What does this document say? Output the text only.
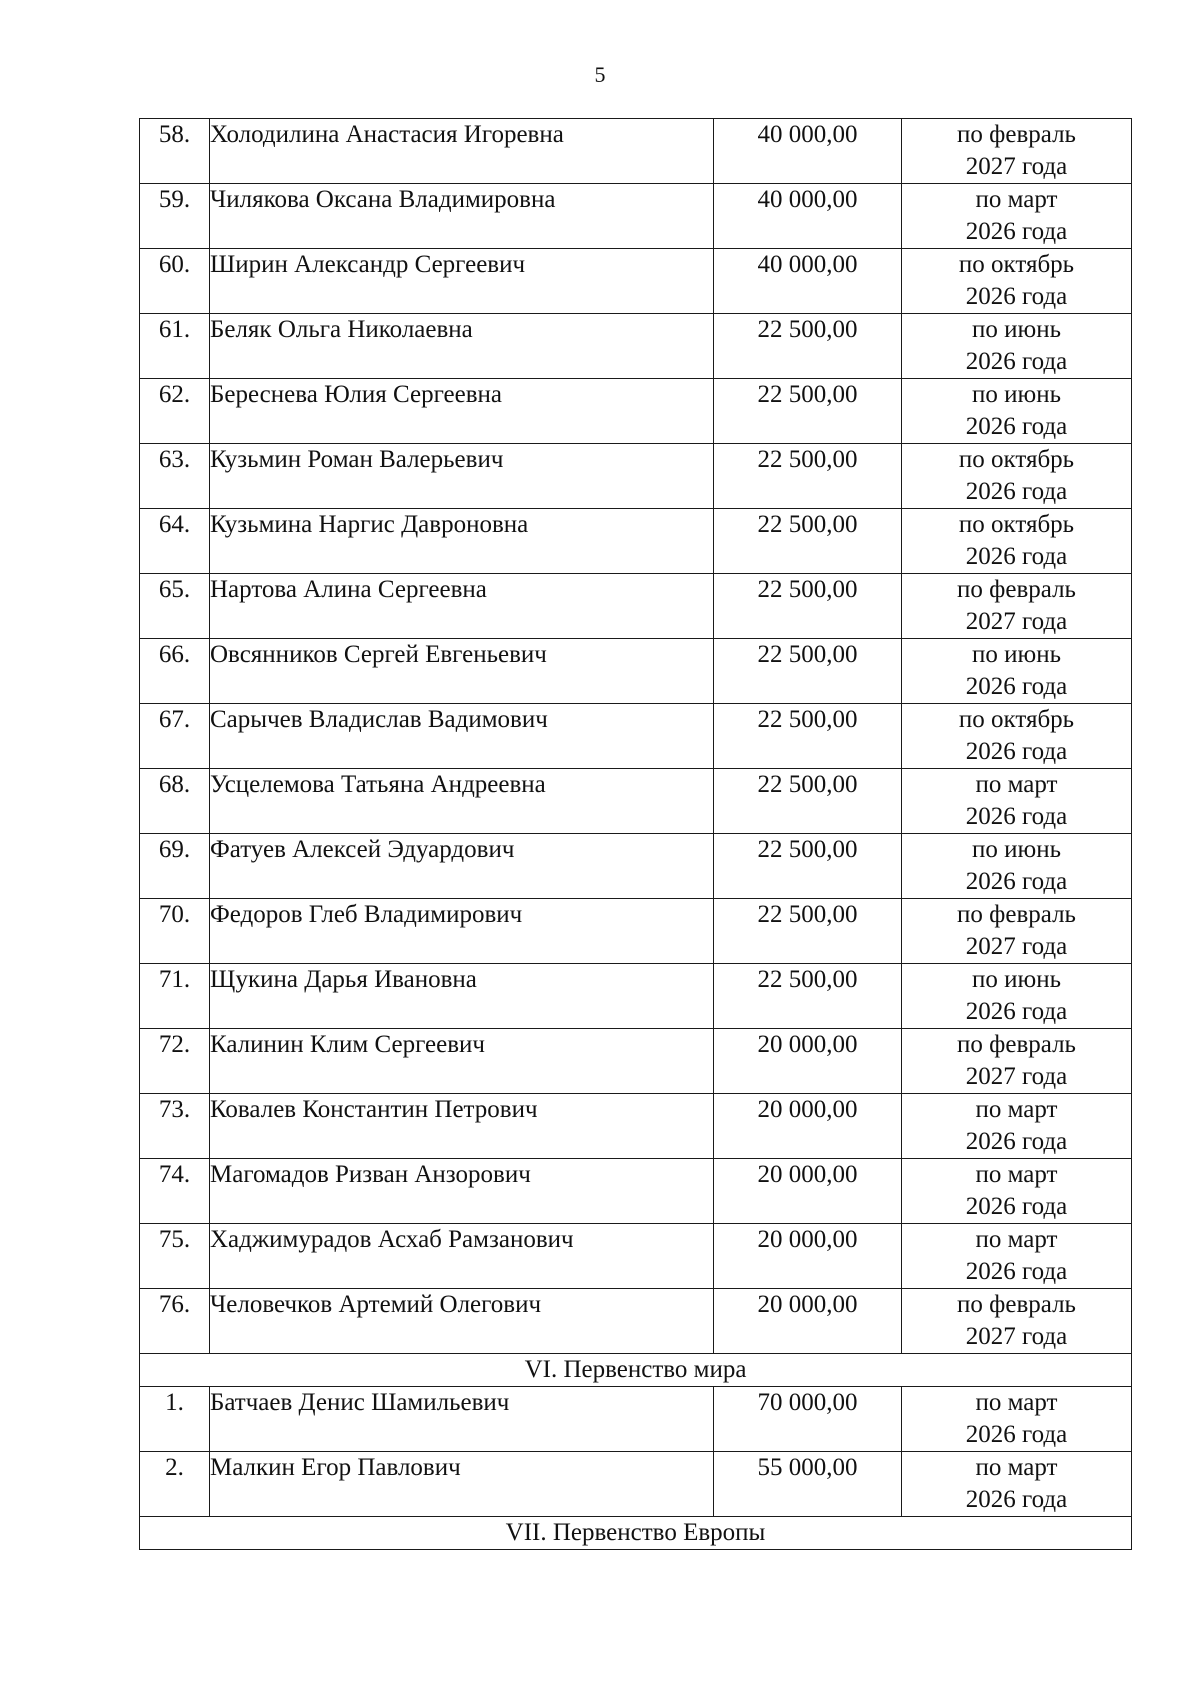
5
58.	Холодилина Анастасия Игоревна	40 000,00	по февраль
2027 года

59.	Чилякова Оксана Владимировна	40 000,00	по март
2026 года

60.	Ширин Александр Сергеевич	40 000,00	по октябрь
2026 года

61.	Беляк Ольга Николаевна	22 500,00	по июнь
2026 года

62.	Береснева Юлия Сергеевна	22 500,00	по июнь
2026 года

63.	Кузьмин Роман Валерьевич	22 500,00	по октябрь
2026 года

64.	Кузьмина Наргис Давроновна	22 500,00	по октябрь
2026 года

65.	Нартова Алина Сергеевна	22 500,00	по февраль
2027 года

66.	Овсянников Сергей Евгеньевич	22 500,00	по июнь
2026 года

67.	Сарычев Владислав Вадимович	22 500,00	по октябрь
2026 года

68.	Усцелемова Татьяна Андреевна	22 500,00	по март
2026 года

69.	Фатуев Алексей Эдуардович	22 500,00	по июнь
2026 года

70.	Федоров Глеб Владимирович	22 500,00	по февраль
2027 года

71.	Щукина Дарья Ивановна	22 500,00	по июнь
2026 года

72.	Калинин Клим Сергеевич	20 000,00	по февраль
2027 года

73.	Ковалев Константин Петрович	20 000,00	по март
2026 года

74.	Магомадов Ризван Анзорович	20 000,00	по март
2026 года

75.	Хаджимурадов Асхаб Рамзанович	20 000,00	по март
2026 года

76.	Человечков Артемий Олегович	20 000,00	по февраль
2027 года

VI. Первенство мира			
1.	Батчаев Денис Шамильевич	70 000,00	по март
2026 года

2.	Малкин Егор Павлович	55 000,00	по март
2026 года

VII. Первенство Европы			
